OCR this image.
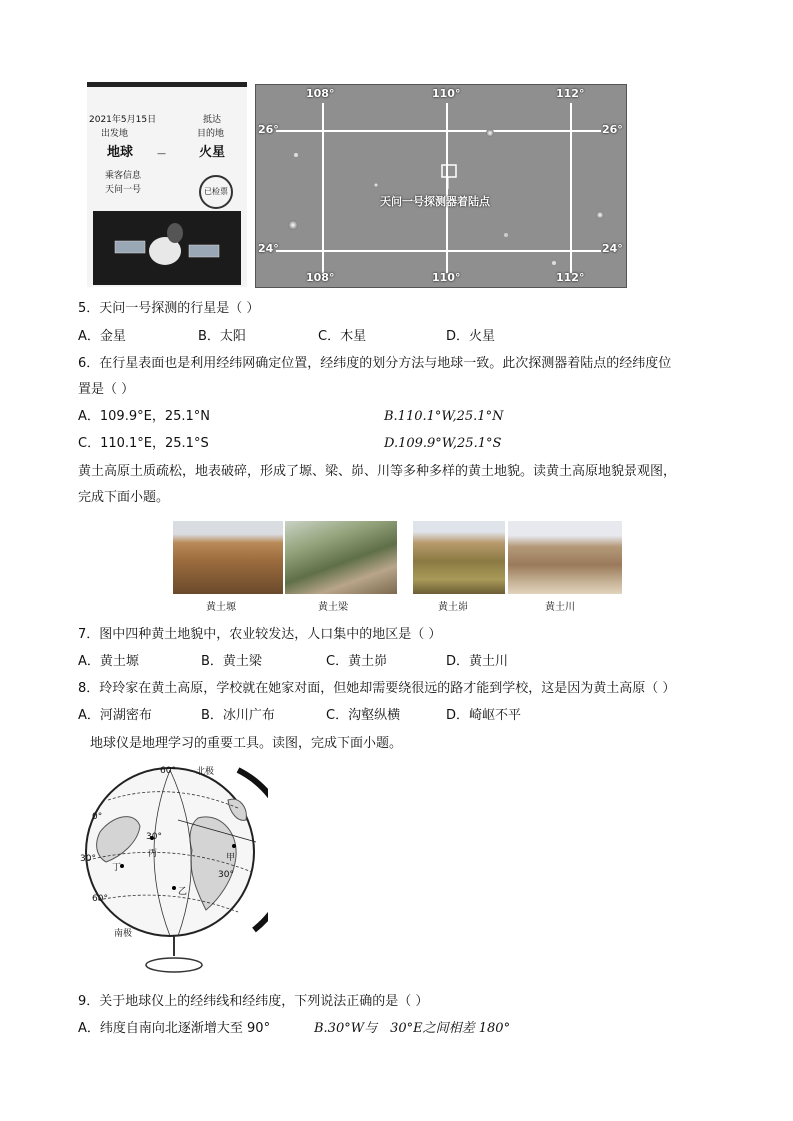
2021年5月15日	抵达
出发地	目的地
地球	—	火星
乘客信息
天问一号	已检票
108°	110°	112°
108°	110°	112°
26°
24°
26°
24°
天问一号探测器着陆点
5．天问一号探测的行星是（ ）
A．金星	B．太阳	C．木星	D．火星
6．在行星表面也是利用经纬网确定位置，经纬度的划分方法与地球一致。此次探测器着陆点的经纬度位
置是（ ）
A．109.9°E，25.1°N	B.110.1°W,25.1°N
C．110.1°E，25.1°S	D.109.9°W,25.1°S
黄土高原土质疏松，地表破碎，形成了塬、梁、峁、川等多种多样的黄土地貌。读黄土高原地貌景观图，
完成下面小题。
黄土塬	黄土梁	黄土峁	黄土川
7．图中四种黄土地貌中，农业较发达，人口集中的地区是（ ）
A．黄土塬	B．黄土梁	C．黄土峁	D．黄土川
8．玲玲家在黄土高原，学校就在她家对面，但她却需要绕很远的路才能到学校，这是因为黄土高原（ ）
A．河湖密布	B．冰川广布	C．沟壑纵横	D．崎岖不平
地球仪是地理学习的重要工具。读图，完成下面小题。
北极
南极
60°
0°
30°
60°
30°
30°
丙	甲
乙
丁
9．关于地球仪上的经纬线和经纬度，下列说法正确的是（ ）
A．纬度自南向北逐渐增大至 90°	B.30°W与　30°E之间相差 180°
